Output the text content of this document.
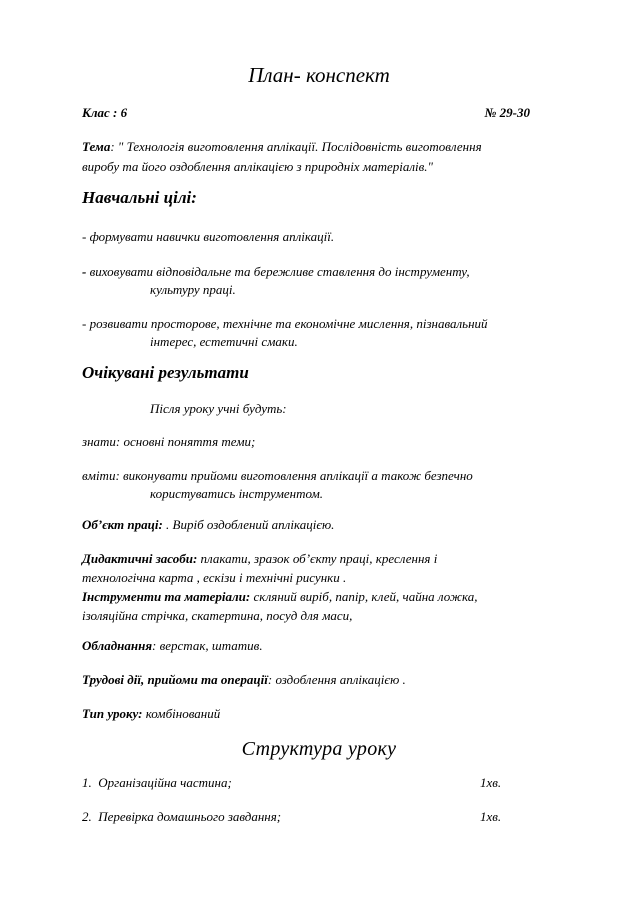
План- конспект
Клас : 6	№ 29-30
Тема: " Технологія виготовлення аплікації. Послідовність виготовлення
виробу та його оздоблення аплікацією з природніх матеріалів."
Навчальні цілі:
- формувати навички виготовлення аплікації.
- виховувати відповідальне та бережливе ставлення до інструменту,
культуру праці.
- розвивати просторове, технічне та економічне мислення, пізнавальний
інтерес, естетичні смаки.
Очікувані результати
Після уроку учні будуть:
знати: основні поняття теми;
вміти: виконувати прийоми виготовлення аплікації а також безпечно
користуватись інструментом.
Об’єкт праці: . Виріб оздоблений аплікацією.
Дидактичні засоби: плакати, зразок об’єкту праці, креслення і
технологічна карта , ескізи і технічні рисунки .
Інструменти та матеріали: скляний виріб, папір, клей, чайна ложка,
ізоляційна стрічка, скатертина, посуд для маси,
Обладнання: верстак, штатив.
Трудові дії, прийоми та операції: оздоблення аплікацією .
Тип уроку: комбінований
Структура уроку
1. Організаційна частина;	1хв.
2. Перевірка домашнього завдання;	1хв.
